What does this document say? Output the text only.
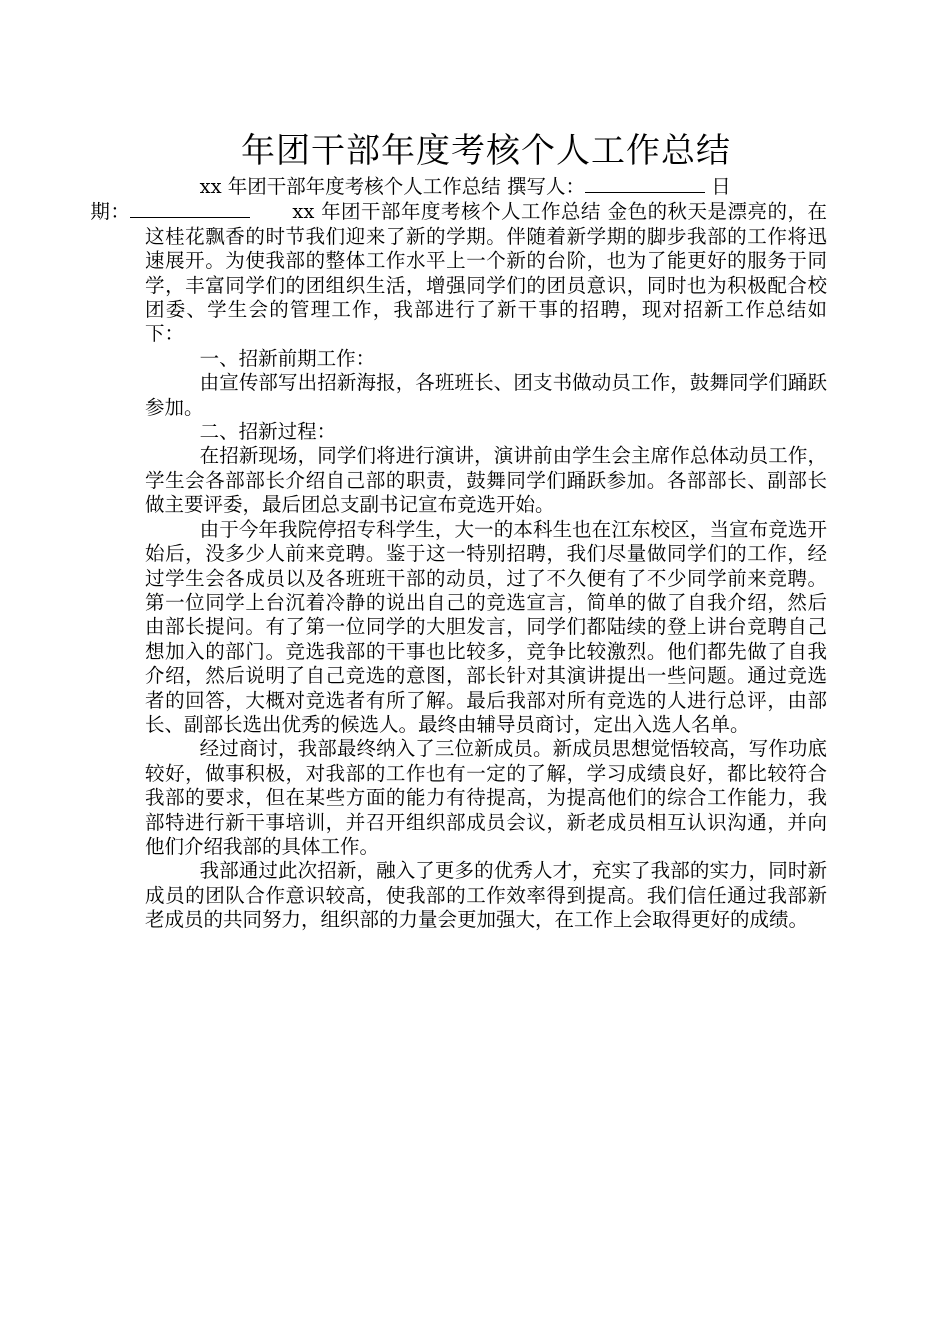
年团干部年度考核个人工作总结

xx 年团干部年度考核个人工作总结 撰写人：	日
期：	xx 年团干部年度考核个人工作总结 金色的秋天是漂亮的，在这桂花飘香的时节我们迎来了新的学期。伴随着新学期的脚步我部的工作将迅速展开。为使我部的整体工作水平上一个新的台阶，也为了能更好的服务于同学，丰富同学们的团组织生活，增强同学们的团员意识，同时也为积极配合校团委、学生会的管理工作，我部进行了新干事的招聘，现对招新工作总结如下：

一、招新前期工作：

由宣传部写出招新海报，各班班长、团支书做动员工作，鼓舞同学们踊跃参加。

二、招新过程：

在招新现场，同学们将进行演讲，演讲前由学生会主席作总体动员工作，学生会各部部长介绍自己部的职责，鼓舞同学们踊跃参加。各部部长、副部长做主要评委，最后团总支副书记宣布竞选开始。

由于今年我院停招专科学生，大一的本科生也在江东校区，当宣布竞选开始后，没多少人前来竞聘。鉴于这一特别招聘，我们尽量做同学们的工作，经过学生会各成员以及各班班干部的动员，过了不久便有了不少同学前来竞聘。第一位同学上台沉着冷静的说出自己的竞选宣言，简单的做了自我介绍，然后由部长提问。有了第一位同学的大胆发言，同学们都陆续的登上讲台竞聘自己想加入的部门。竞选我部的干事也比较多，竞争比较激烈。他们都先做了自我介绍，然后说明了自己竞选的意图，部长针对其演讲提出一些问题。通过竞选者的回答，大概对竞选者有所了解。最后我部对所有竞选的人进行总评，由部长、副部长选出优秀的候选人。最终由辅导员商讨，定出入选人名单。

经过商讨，我部最终纳入了三位新成员。新成员思想觉悟较高，写作功底较好，做事积极，对我部的工作也有一定的了解，学习成绩良好，都比较符合我部的要求，但在某些方面的能力有待提高，为提高他们的综合工作能力，我部特进行新干事培训，并召开组织部成员会议，新老成员相互认识沟通，并向他们介绍我部的具体工作。

我部通过此次招新，融入了更多的优秀人才，充实了我部的实力，同时新成员的团队合作意识较高，使我部的工作效率得到提高。我们信任通过我部新老成员的共同努力，组织部的力量会更加强大，在工作上会取得更好的成绩。
